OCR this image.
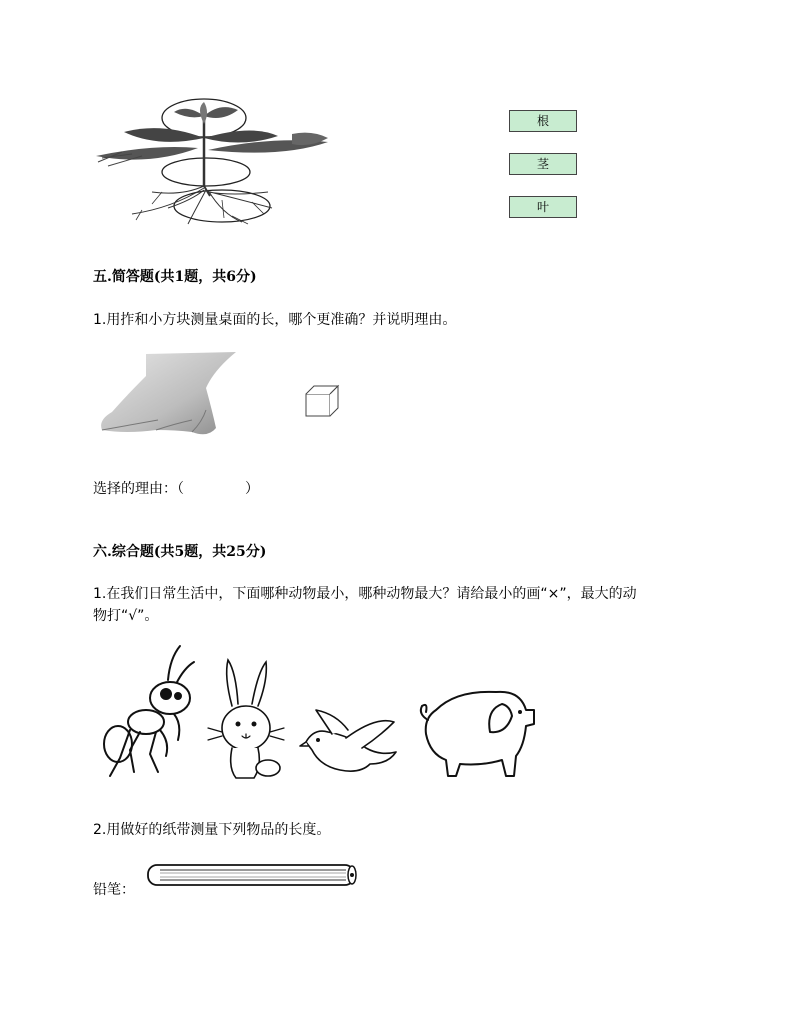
根
茎
叶
五.简答题(共1题，共6分)
1.用拃和小方块测量桌面的长，哪个更准确？并说明理由。
选择的理由：（	）
六.综合题(共5题，共25分)
1.在我们日常生活中，下面哪种动物最小，哪种动物最大？请给最小的画“×”，最大的动
物打“√”。
2.用做好的纸带测量下列物品的长度。
铅笔：
